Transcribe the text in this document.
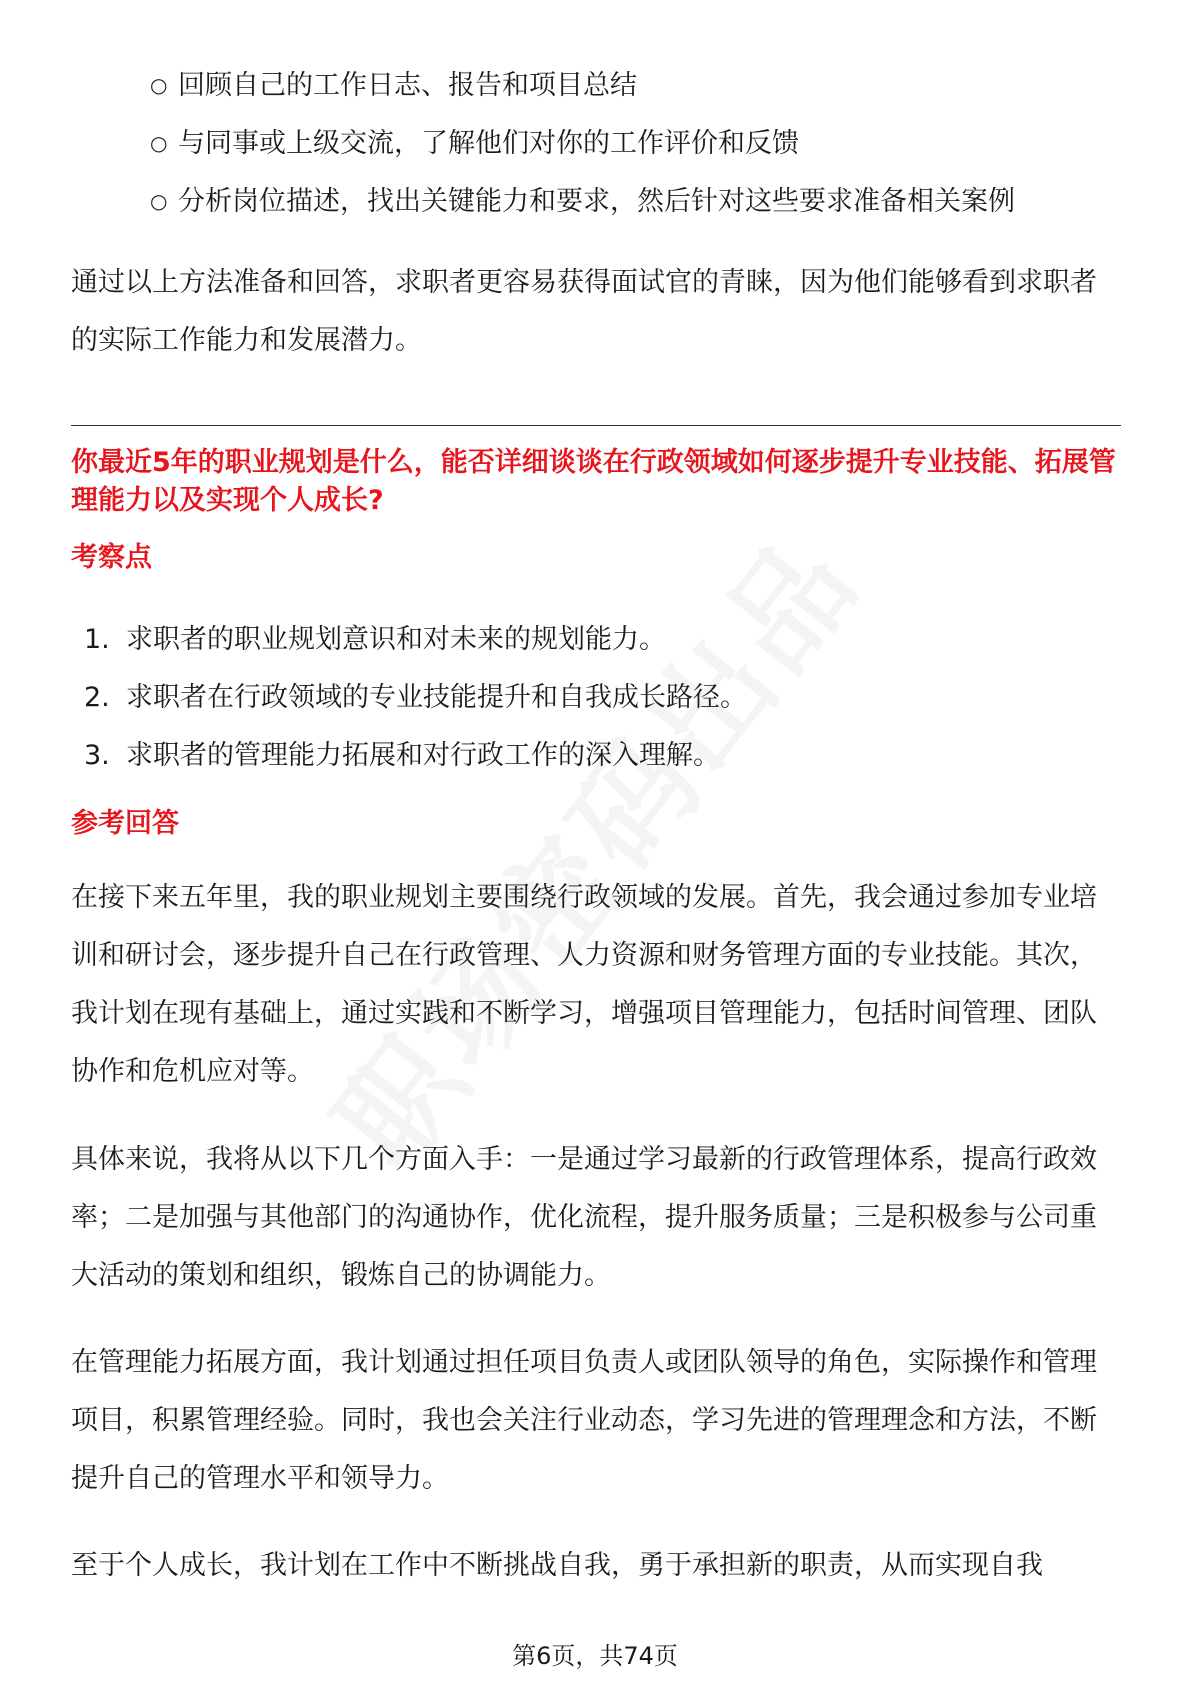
○ 回顾自己的工作日志、报告和项目总结
○ 与同事或上级交流，了解他们对你的工作评价和反馈
○ 分析岗位描述，找出关键能力和要求，然后针对这些要求准备相关案例

通过以上方法准备和回答，求职者更容易获得面试官的青睐，因为他们能够看到求职者的实际工作能力和发展潜力。

你最近5年的职业规划是什么，能否详细谈谈在行政领域如何逐步提升专业技能、拓展管理能力以及实现个人成长?

考察点

1. 求职者的职业规划意识和对未来的规划能力。
2. 求职者在行政领域的专业技能提升和自我成长路径。
3. 求职者的管理能力拓展和对行政工作的深入理解。

参考回答

在接下来五年里，我的职业规划主要围绕行政领域的发展。首先，我会通过参加专业培训和研讨会，逐步提升自己在行政管理、人力资源和财务管理方面的专业技能。其次，我计划在现有基础上，通过实践和不断学习，增强项目管理能力，包括时间管理、团队协作和危机应对等。

具体来说，我将从以下几个方面入手：一是通过学习最新的行政管理体系，提高行政效率；二是加强与其他部门的沟通协作，优化流程，提升服务质量；三是积极参与公司重大活动的策划和组织，锻炼自己的协调能力。

在管理能力拓展方面，我计划通过担任项目负责人或团队领导的角色，实际操作和管理项目，积累管理经验。同时，我也会关注行业动态，学习先进的管理理念和方法，不断提升自己的管理水平和领导力。

至于个人成长，我计划在工作中不断挑战自我，勇于承担新的职责，从而实现自我

第6页，共74页
